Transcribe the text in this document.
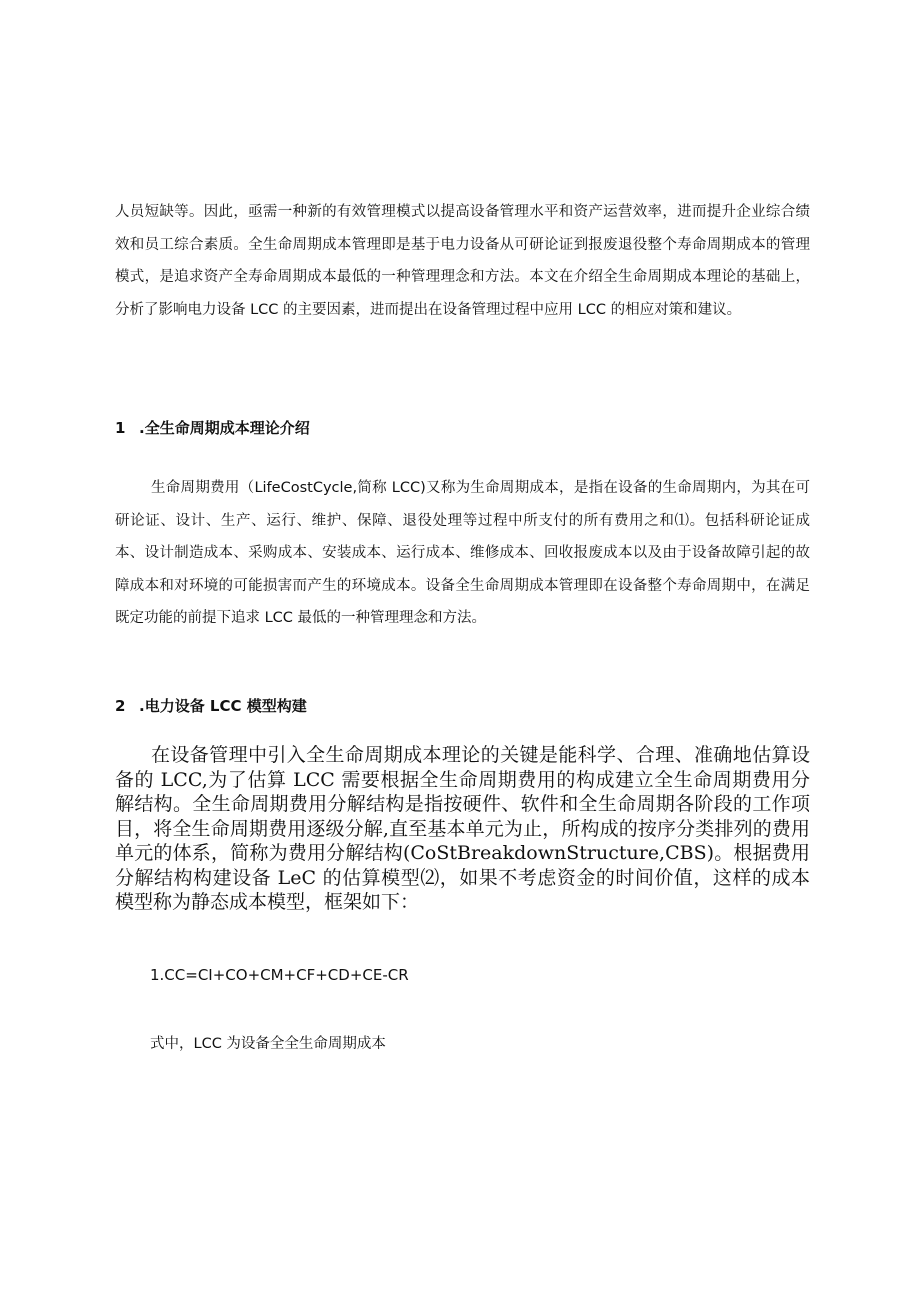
人员短缺等。因此，亟需一种新的有效管理模式以提高设备管理水平和资产运营效率，进而提升企业综合绩效和员工综合素质。全生命周期成本管理即是基于电力设备从可研论证到报废退役整个寿命周期成本的管理模式，是追求资产全寿命周期成本最低的一种管理理念和方法。本文在介绍全生命周期成本理论的基础上，分析了影响电力设备 LCC 的主要因素，进而提出在设备管理过程中应用 LCC 的相应对策和建议。

1 .全生命周期成本理论介绍

生命周期费用（LifeCostCycle,简称 LCC)又称为生命周期成本，是指在设备的生命周期内，为其在可研论证、设计、生产、运行、维护、保障、退役处理等过程中所支付的所有费用之和⑴。包括科研论证成本、设计制造成本、采购成本、安装成本、运行成本、维修成本、回收报废成本以及由于设备故障引起的故障成本和对环境的可能损害而产生的环境成本。设备全生命周期成本管理即在设备整个寿命周期中，在满足既定功能的前提下追求 LCC 最低的一种管理理念和方法。

2 .电力设备 LCC 模型构建

在设备管理中引入全生命周期成本理论的关键是能科学、合理、准确地估算设备的 LCC,为了估算 LCC 需要根据全生命周期费用的构成建立全生命周期费用分解结构。全生命周期费用分解结构是指按硬件、软件和全生命周期各阶段的工作项目，将全生命周期费用逐级分解,直至基本单元为止，所构成的按序分类排列的费用单元的体系，简称为费用分解结构(CoStBreakdownStructure,CBS)。根据费用分解结构构建设备 LeC 的估算模型⑵，如果不考虑资金的时间价值，这样的成本模型称为静态成本模型，框架如下：

1.CC=CI+CO+CM+CF+CD+CE-CR
式中，LCC 为设备全全生命周期成本
